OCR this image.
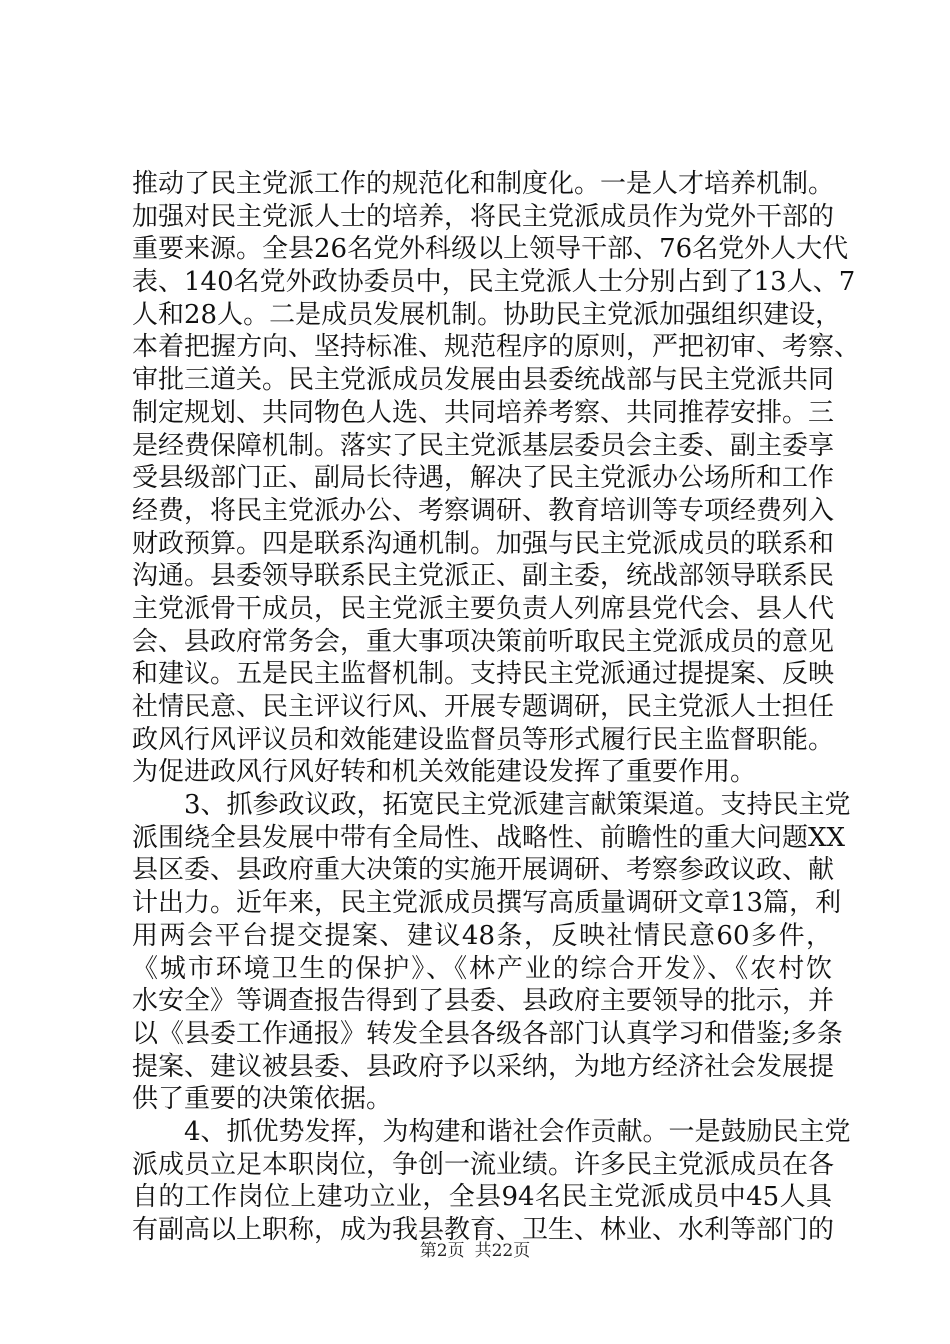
推动了民主党派工作的规范化和制度化。一是人才培养机制。
加强对民主党派人士的培养，将民主党派成员作为党外干部的
重要来源。全县26名党外科级以上领导干部、76名党外人大代
表、140名党外政协委员中，民主党派人士分别占到了13人、7
人和28人。二是成员发展机制。协助民主党派加强组织建设，
本着把握方向、坚持标准、规范程序的原则，严把初审、考察、
审批三道关。民主党派成员发展由县委统战部与民主党派共同
制定规划、共同物色人选、共同培养考察、共同推荐安排。三
是经费保障机制。落实了民主党派基层委员会主委、副主委享
受县级部门正、副局长待遇，解决了民主党派办公场所和工作
经费，将民主党派办公、考察调研、教育培训等专项经费列入
财政预算。四是联系沟通机制。加强与民主党派成员的联系和
沟通。县委领导联系民主党派正、副主委，统战部领导联系民
主党派骨干成员，民主党派主要负责人列席县党代会、县人代
会、县政府常务会，重大事项决策前听取民主党派成员的意见
和建议。五是民主监督机制。支持民主党派通过提提案、反映
社情民意、民主评议行风、开展专题调研，民主党派人士担任
政风行风评议员和效能建设监督员等形式履行民主监督职能。
为促进政风行风好转和机关效能建设发挥了重要作用。
3、抓参政议政，拓宽民主党派建言献策渠道。支持民主党
派围绕全县发展中带有全局性、战略性、前瞻性的重大问题XX
县区委、县政府重大决策的实施开展调研、考察参政议政、献
计出力。近年来，民主党派成员撰写高质量调研文章13篇，利
用两会平台提交提案、建议48条，反映社情民意60多件，
《城市环境卫生的保护》、《林产业的综合开发》、《农村饮
水安全》等调查报告得到了县委、县政府主要领导的批示，并
以《县委工作通报》转发全县各级各部门认真学习和借鉴;多条
提案、建议被县委、县政府予以采纳，为地方经济社会发展提
供了重要的决策依据。
4、抓优势发挥，为构建和谐社会作贡献。一是鼓励民主党
派成员立足本职岗位，争创一流业绩。许多民主党派成员在各
自的工作岗位上建功立业，全县94名民主党派成员中45人具
有副高以上职称，成为我县教育、卫生、林业、水利等部门的
第2页 共22页
